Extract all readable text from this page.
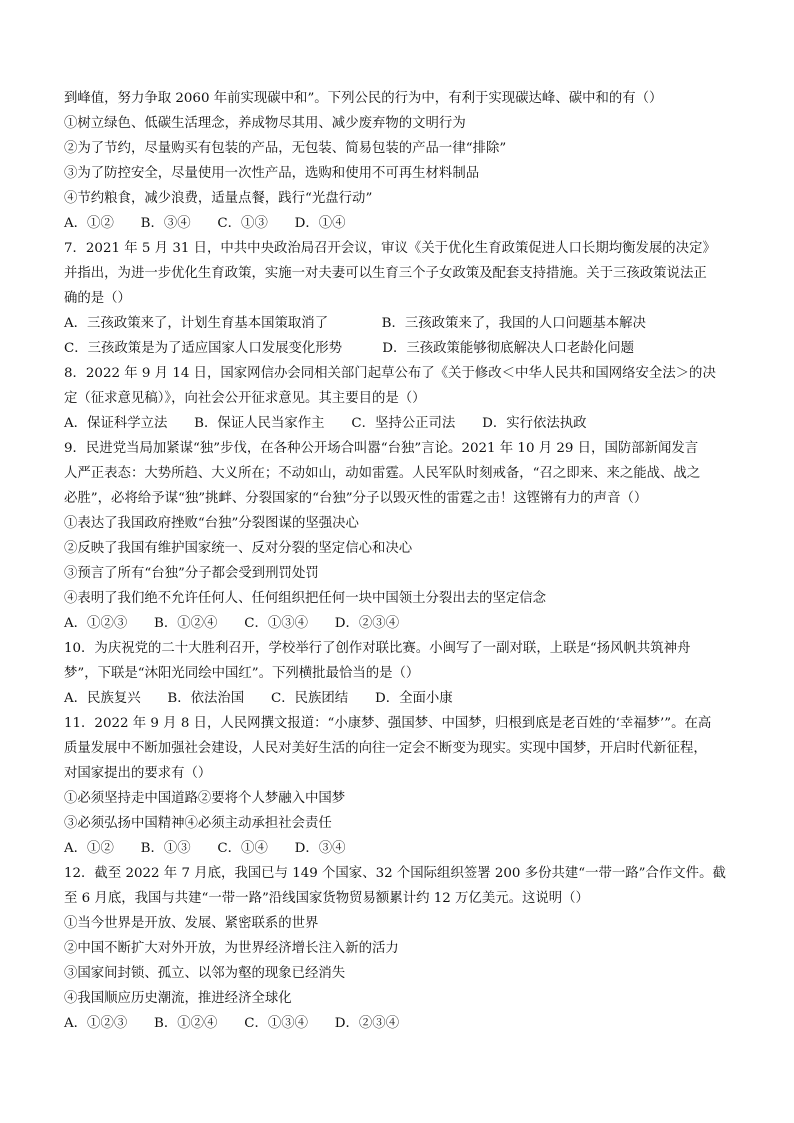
到峰值，努力争取 2060 年前实现碳中和”。下列公民的行为中，有利于实现碳达峰、碳中和的有（）
①树立绿色、低碳生活理念，养成物尽其用、减少废弃物的文明行为
②为了节约，尽量购买有包装的产品，无包装、简易包装的产品一律“排除”
③为了防控安全，尽量使用一次性产品，选购和使用不可再生材料制品
④节约粮食，减少浪费，适量点餐，践行“光盘行动”
A．①②　　B．③④　　C．①③　　D．①④
7．2021 年 5 月 31 日，中共中央政治局召开会议，审议《关于优化生育政策促进人口长期均衡发展的决定》
并指出，为进一步优化生育政策，实施一对夫妻可以生育三个子女政策及配套支持措施。关于三孩政策说法正
确的是（）
A．三孩政策来了，计划生育基本国策取消了　　　　B．三孩政策来了，我国的人口问题基本解决
C．三孩政策是为了适应国家人口发展变化形势　　　D．三孩政策能够彻底解决人口老龄化问题
8．2022 年 9 月 14 日，国家网信办会同相关部门起草公布了《关于修改＜中华人民共和国网络安全法＞的决
定（征求意见稿）》，向社会公开征求意见。其主要目的是（）
A．保证科学立法　　B．保证人民当家作主　　C．坚持公正司法　　D．实行依法执政
9．民进党当局加紧谋“独”步伐，在各种公开场合叫嚣“台独”言论。2021 年 10 月 29 日，国防部新闻发言
人严正表态：大势所趋、大义所在；不动如山，动如雷霆。人民军队时刻戒备，“召之即来、来之能战、战之
必胜”，必将给予谋“独”挑衅、分裂国家的“台独”分子以毁灭性的雷霆之击！这铿锵有力的声音（）
①表达了我国政府挫败“台独”分裂图谋的坚强决心
②反映了我国有维护国家统一、反对分裂的坚定信心和决心
③预言了所有“台独”分子都会受到刑罚处罚
④表明了我们绝不允许任何人、任何组织把任何一块中国领土分裂出去的坚定信念
A．①②③　　B．①②④　　C．①③④　　D．②③④
10．为庆祝党的二十大胜利召开，学校举行了创作对联比赛。小闽写了一副对联，上联是“扬风帆共筑神舟
梦”，下联是“沐阳光同绘中国红”。下列横批最恰当的是（）
A．民族复兴　　B．依法治国　　C．民族团结　　D．全面小康
11．2022 年 9 月 8 日，人民网撰文报道：“小康梦、强国梦、中国梦，归根到底是老百姓的‘幸福梦’”。在高
质量发展中不断加强社会建设，人民对美好生活的向往一定会不断变为现实。实现中国梦，开启时代新征程，
对国家提出的要求有（）
①必须坚持走中国道路②要将个人梦融入中国梦
③必须弘扬中国精神④必须主动承担社会责任
A．①②　　B．①③　　C．①④　　D．③④
12．截至 2022 年 7 月底，我国已与 149 个国家、32 个国际组织签署 200 多份共建“一带一路”合作文件。截
至 6 月底，我国与共建“一带一路”沿线国家货物贸易额累计约 12 万亿美元。这说明（）
①当今世界是开放、发展、紧密联系的世界
②中国不断扩大对外开放，为世界经济增长注入新的活力
③国家间封锁、孤立、以邻为壑的现象已经消失
④我国顺应历史潮流，推进经济全球化
A．①②③　　B．①②④　　C．①③④　　D．②③④
